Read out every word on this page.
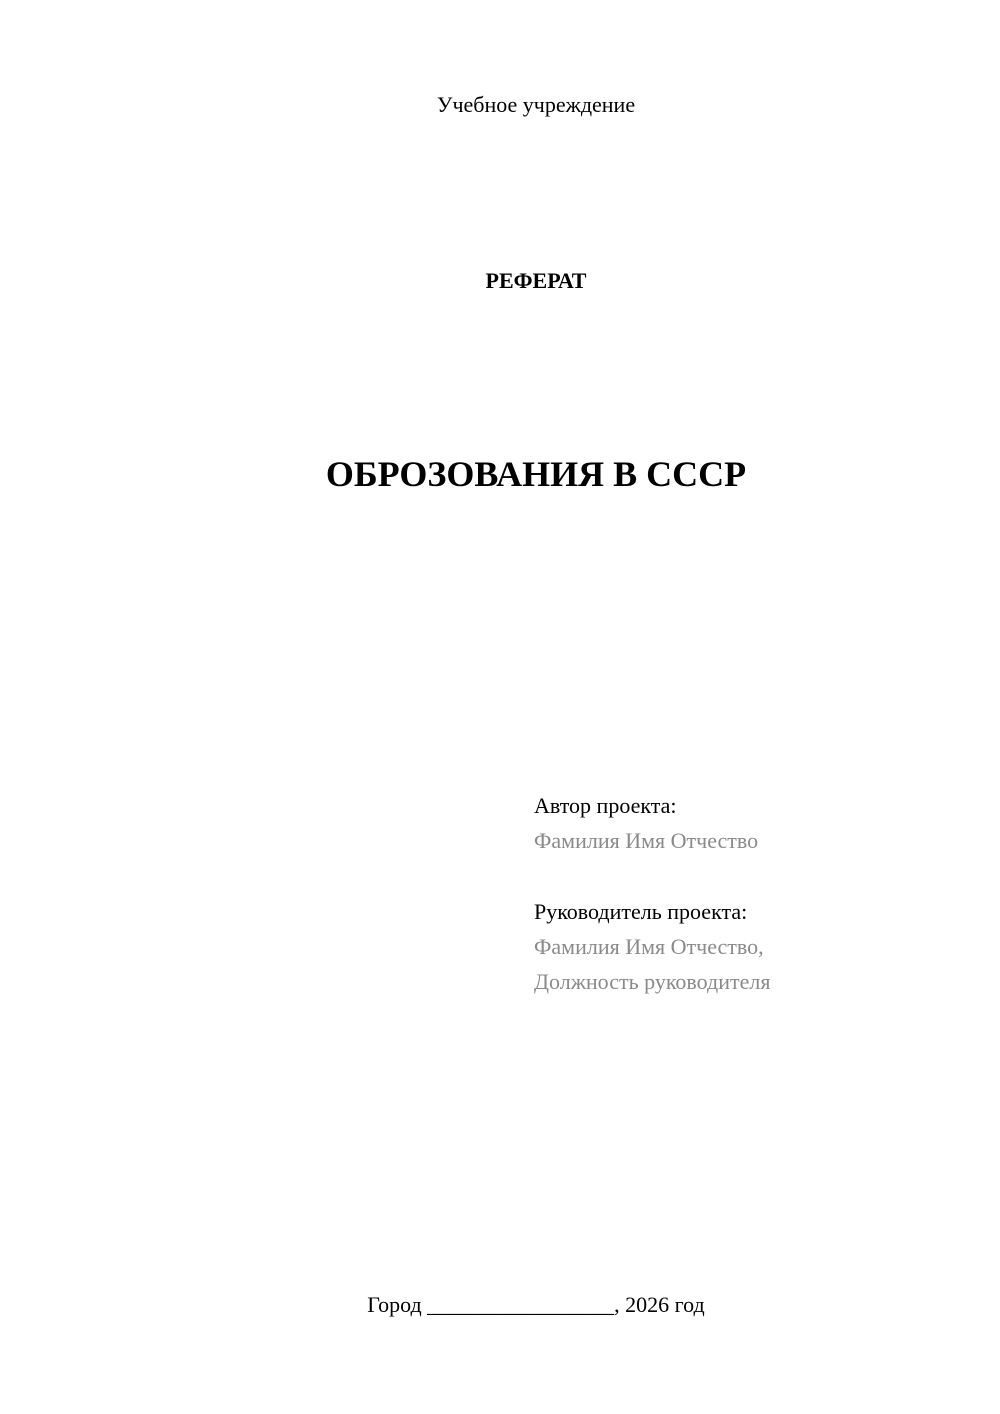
Учебное учреждение
РЕФЕРАТ
ОБРОЗОВАНИЯ В СССР
Автор проекта:
Фамилия Имя Отчество
Руководитель проекта:
Фамилия Имя Отчество,
Должность руководителя
Город _________________, 2026 год
